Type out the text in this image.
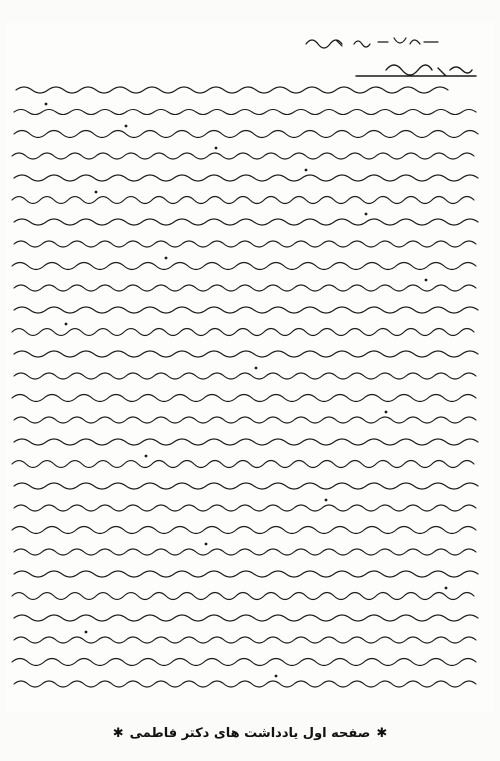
✱ صفحه اول یادداشت های دکتر فاطمی ✱
